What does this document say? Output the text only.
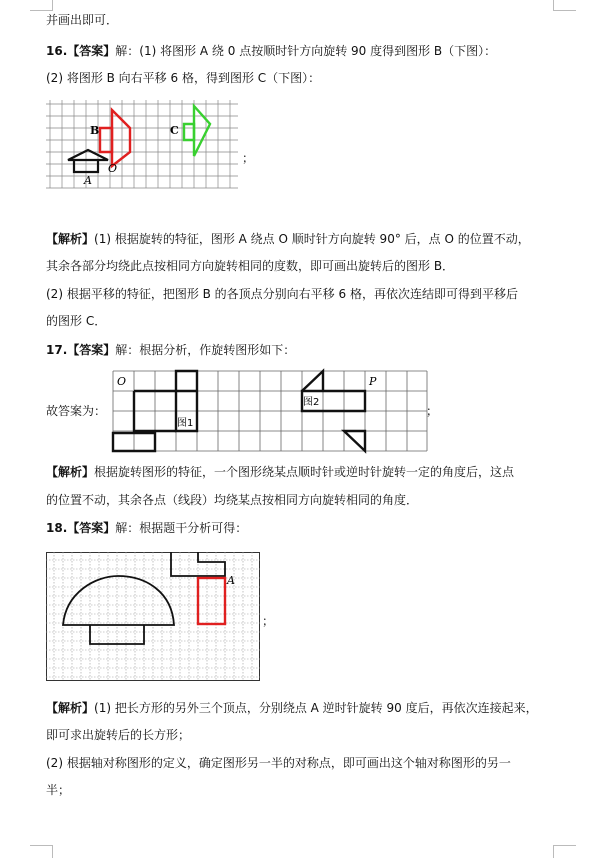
并画出即可．
16.【答案】解：(1) 将图形 A 绕 0 点按顺时针方向旋转 90 度得到图形 B（下图）：
(2) 将图形 B 向右平移 6 格，得到图形 C（下图）：
B	C
A
O
；
【解析】(1) 根据旋转的特征，图形 A 绕点 O 顺时针方向旋转 90° 后，点 O 的位置不动，
其余各部分均绕此点按相同方向旋转相同的度数，即可画出旋转后的图形 B．
(2) 根据平移的特征，把图形 B 的各顶点分别向右平移 6 格，再依次连结即可得到平移后
的图形 C．
17.【答案】解：根据分析，作旋转图形如下：
故答案为：
O	P
图1
图2
；
【解析】根据旋转图形的特征，一个图形绕某点顺时针或逆时针旋转一定的角度后，这点
的位置不动，其余各点（线段）均绕某点按相同方向旋转相同的角度．
18.【答案】解：根据题干分析可得：
A
；
【解析】(1) 把长方形的另外三个顶点，分别绕点 A 逆时针旋转 90 度后，再依次连接起来，
即可求出旋转后的长方形；
(2) 根据轴对称图形的定义，确定图形另一半的对称点，即可画出这个轴对称图形的另一
半；
